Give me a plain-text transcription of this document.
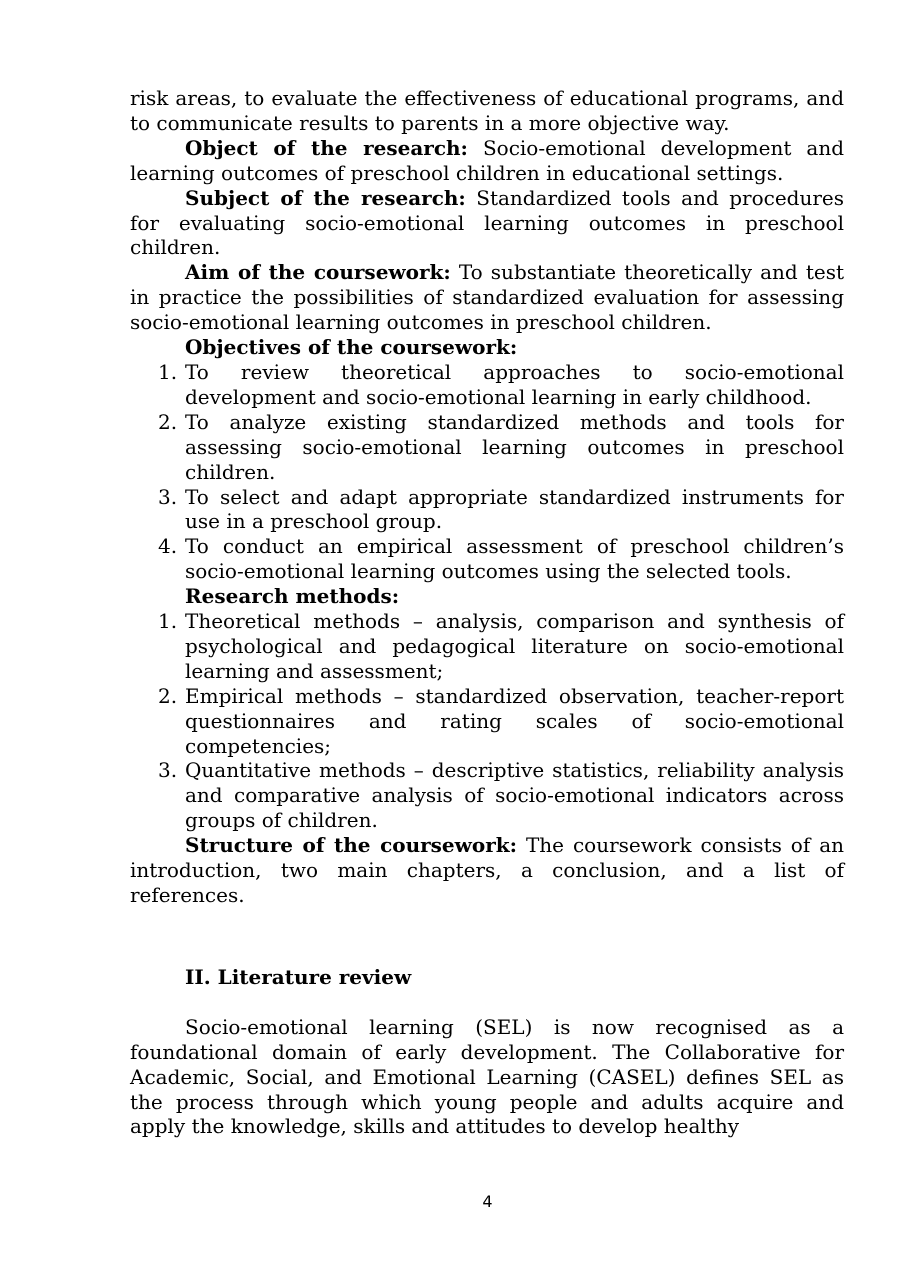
risk areas, to evaluate the effectiveness of educational programs, and to communicate results to parents in a more objective way.

Object of the research: Socio-emotional development and learning outcomes of preschool children in educational settings.

Subject of the research: Standardized tools and procedures for evaluating socio-emotional learning outcomes in preschool children.

Aim of the coursework: To substantiate theoretically and test in practice the possibilities of standardized evaluation for assessing socio-emotional learning outcomes in preschool children.

Objectives of the coursework:

1. To review theoretical approaches to socio-emotional development and socio-emotional learning in early childhood.
2. To analyze existing standardized methods and tools for assessing socio-emotional learning outcomes in preschool children.
3. To select and adapt appropriate standardized instruments for use in a preschool group.
4. To conduct an empirical assessment of preschool children’s socio-emotional learning outcomes using the selected tools.

Research methods:

1. Theoretical methods – analysis, comparison and synthesis of psychological and pedagogical literature on socio-emotional learning and assessment;
2. Empirical methods – standardized observation, teacher-report questionnaires and rating scales of socio-emotional competencies;
3. Quantitative methods – descriptive statistics, reliability analysis and comparative analysis of socio-emotional indicators across groups of children.

Structure of the coursework: The coursework consists of an introduction, two main chapters, a conclusion, and a list of references.

II. Literature review

Socio-emotional learning (SEL) is now recognised as a foundational domain of early development. The Collaborative for Academic, Social, and Emotional Learning (CASEL) defines SEL as the process through which young people and adults acquire and apply the knowledge, skills and attitudes to develop healthy

4
